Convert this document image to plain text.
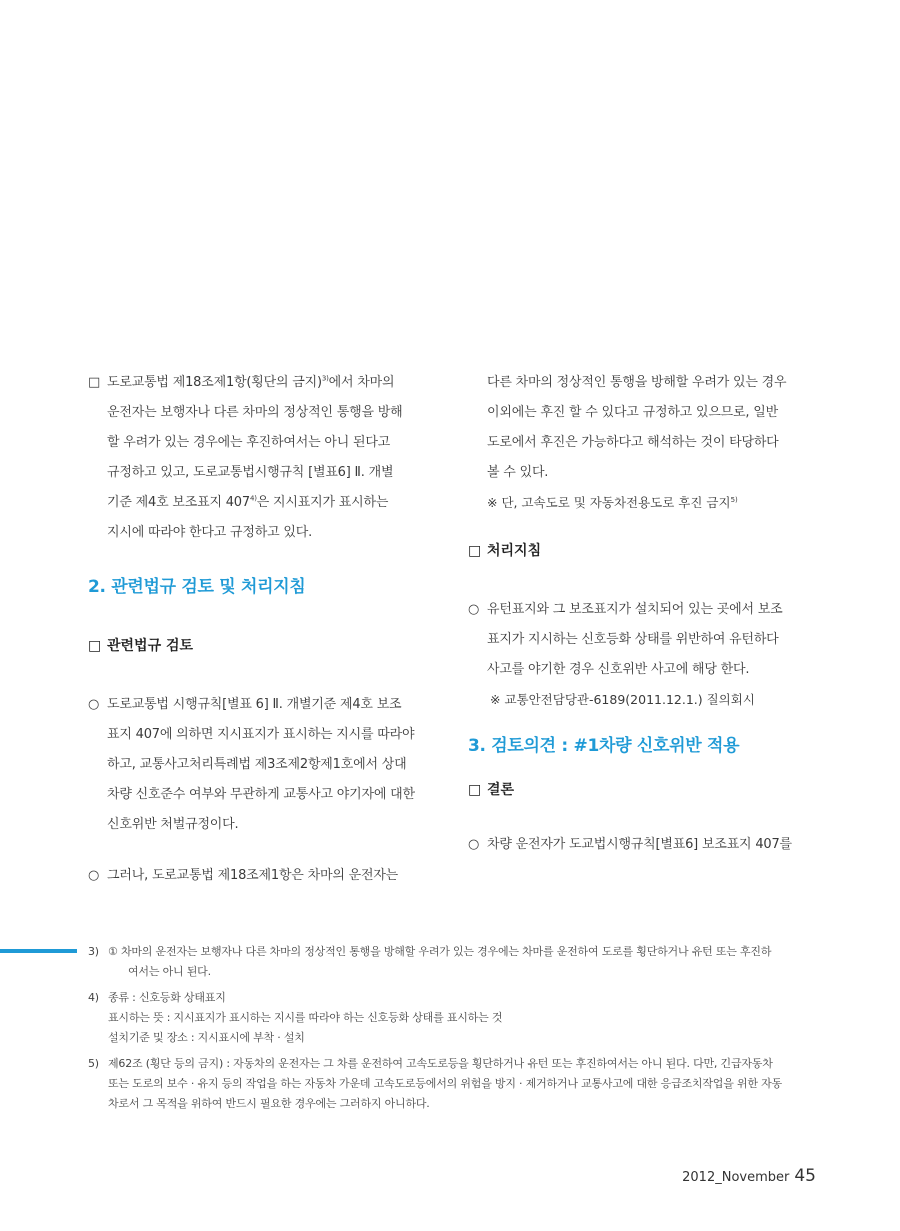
□ 도로교통법 제18조제1항(횡단의 금지)$^{3)}$에서 차마의
운전자는 보행자나 다른 차마의 정상적인 통행을 방해
할 우려가 있는 경우에는 후진하여서는 아니 된다고
규정하고 있고, 도로교통법시행규칙 [별표6] Ⅱ. 개별
기준 제4호 보조표지 407$^{4)}$은 지시표지가 표시하는
지시에 따라야 한다고 규정하고 있다.
2. 관련법규 검토 및 처리지침
□ 관련법규 검토
○ 도로교통법 시행규칙[별표 6] Ⅱ. 개별기준 제4호 보조
표지 407에 의하면 지시표지가 표시하는 지시를 따라야
하고, 교통사고처리특례법 제3조제2항제1호에서 상대
차량 신호준수 여부와 무관하게 교통사고 야기자에 대한
신호위반 처벌규정이다.
○ 그러나, 도로교통법 제18조제1항은 차마의 운전자는
다른 차마의 정상적인 통행을 방해할 우려가 있는 경우
이외에는 후진 할 수 있다고 규정하고 있으므로, 일반
도로에서 후진은 가능하다고 해석하는 것이 타당하다
볼 수 있다.
※ 단, 고속도로 및 자동차전용도로 후진 금지$^{5)}$
□ 처리지침
○ 유턴표지와 그 보조표지가 설치되어 있는 곳에서 보조
표지가 지시하는 신호등화 상태를 위반하여 유턴하다
사고를 야기한 경우 신호위반 사고에 해당 한다.
※ 교통안전담당관-6189(2011.12.1.) 질의회시
3. 검토의견 : #1차량 신호위반 적용
□ 결론
○ 차량 운전자가 도교법시행규칙[별표6] 보조표지 407를
3) ① 차마의 운전자는 보행자나 다른 차마의 정상적인 통행을 방해할 우려가 있는 경우에는 차마를 운전하여 도로를 횡단하거나 유턴 또는 후진하
여서는 아니 된다.
4) 종류 : 신호등화 상태표지
표시하는 뜻 : 지시표지가 표시하는 지시를 따라야 하는 신호등화 상태를 표시하는 것
설치기준 및 장소 : 지시표시에 부착 · 설치
5) 제62조 (횡단 등의 금지) : 자동차의 운전자는 그 차를 운전하여 고속도로등을 횡단하거나 유턴 또는 후진하여서는 아니 된다. 다만, 긴급자동차
또는 도로의 보수 · 유지 등의 작업을 하는 자동차 가운데 고속도로등에서의 위험을 방지 · 제거하거나 교통사고에 대한 응급조치작업을 위한 자동
차로서 그 목적을 위하여 반드시 필요한 경우에는 그러하지 아니하다.
2012_November 45
